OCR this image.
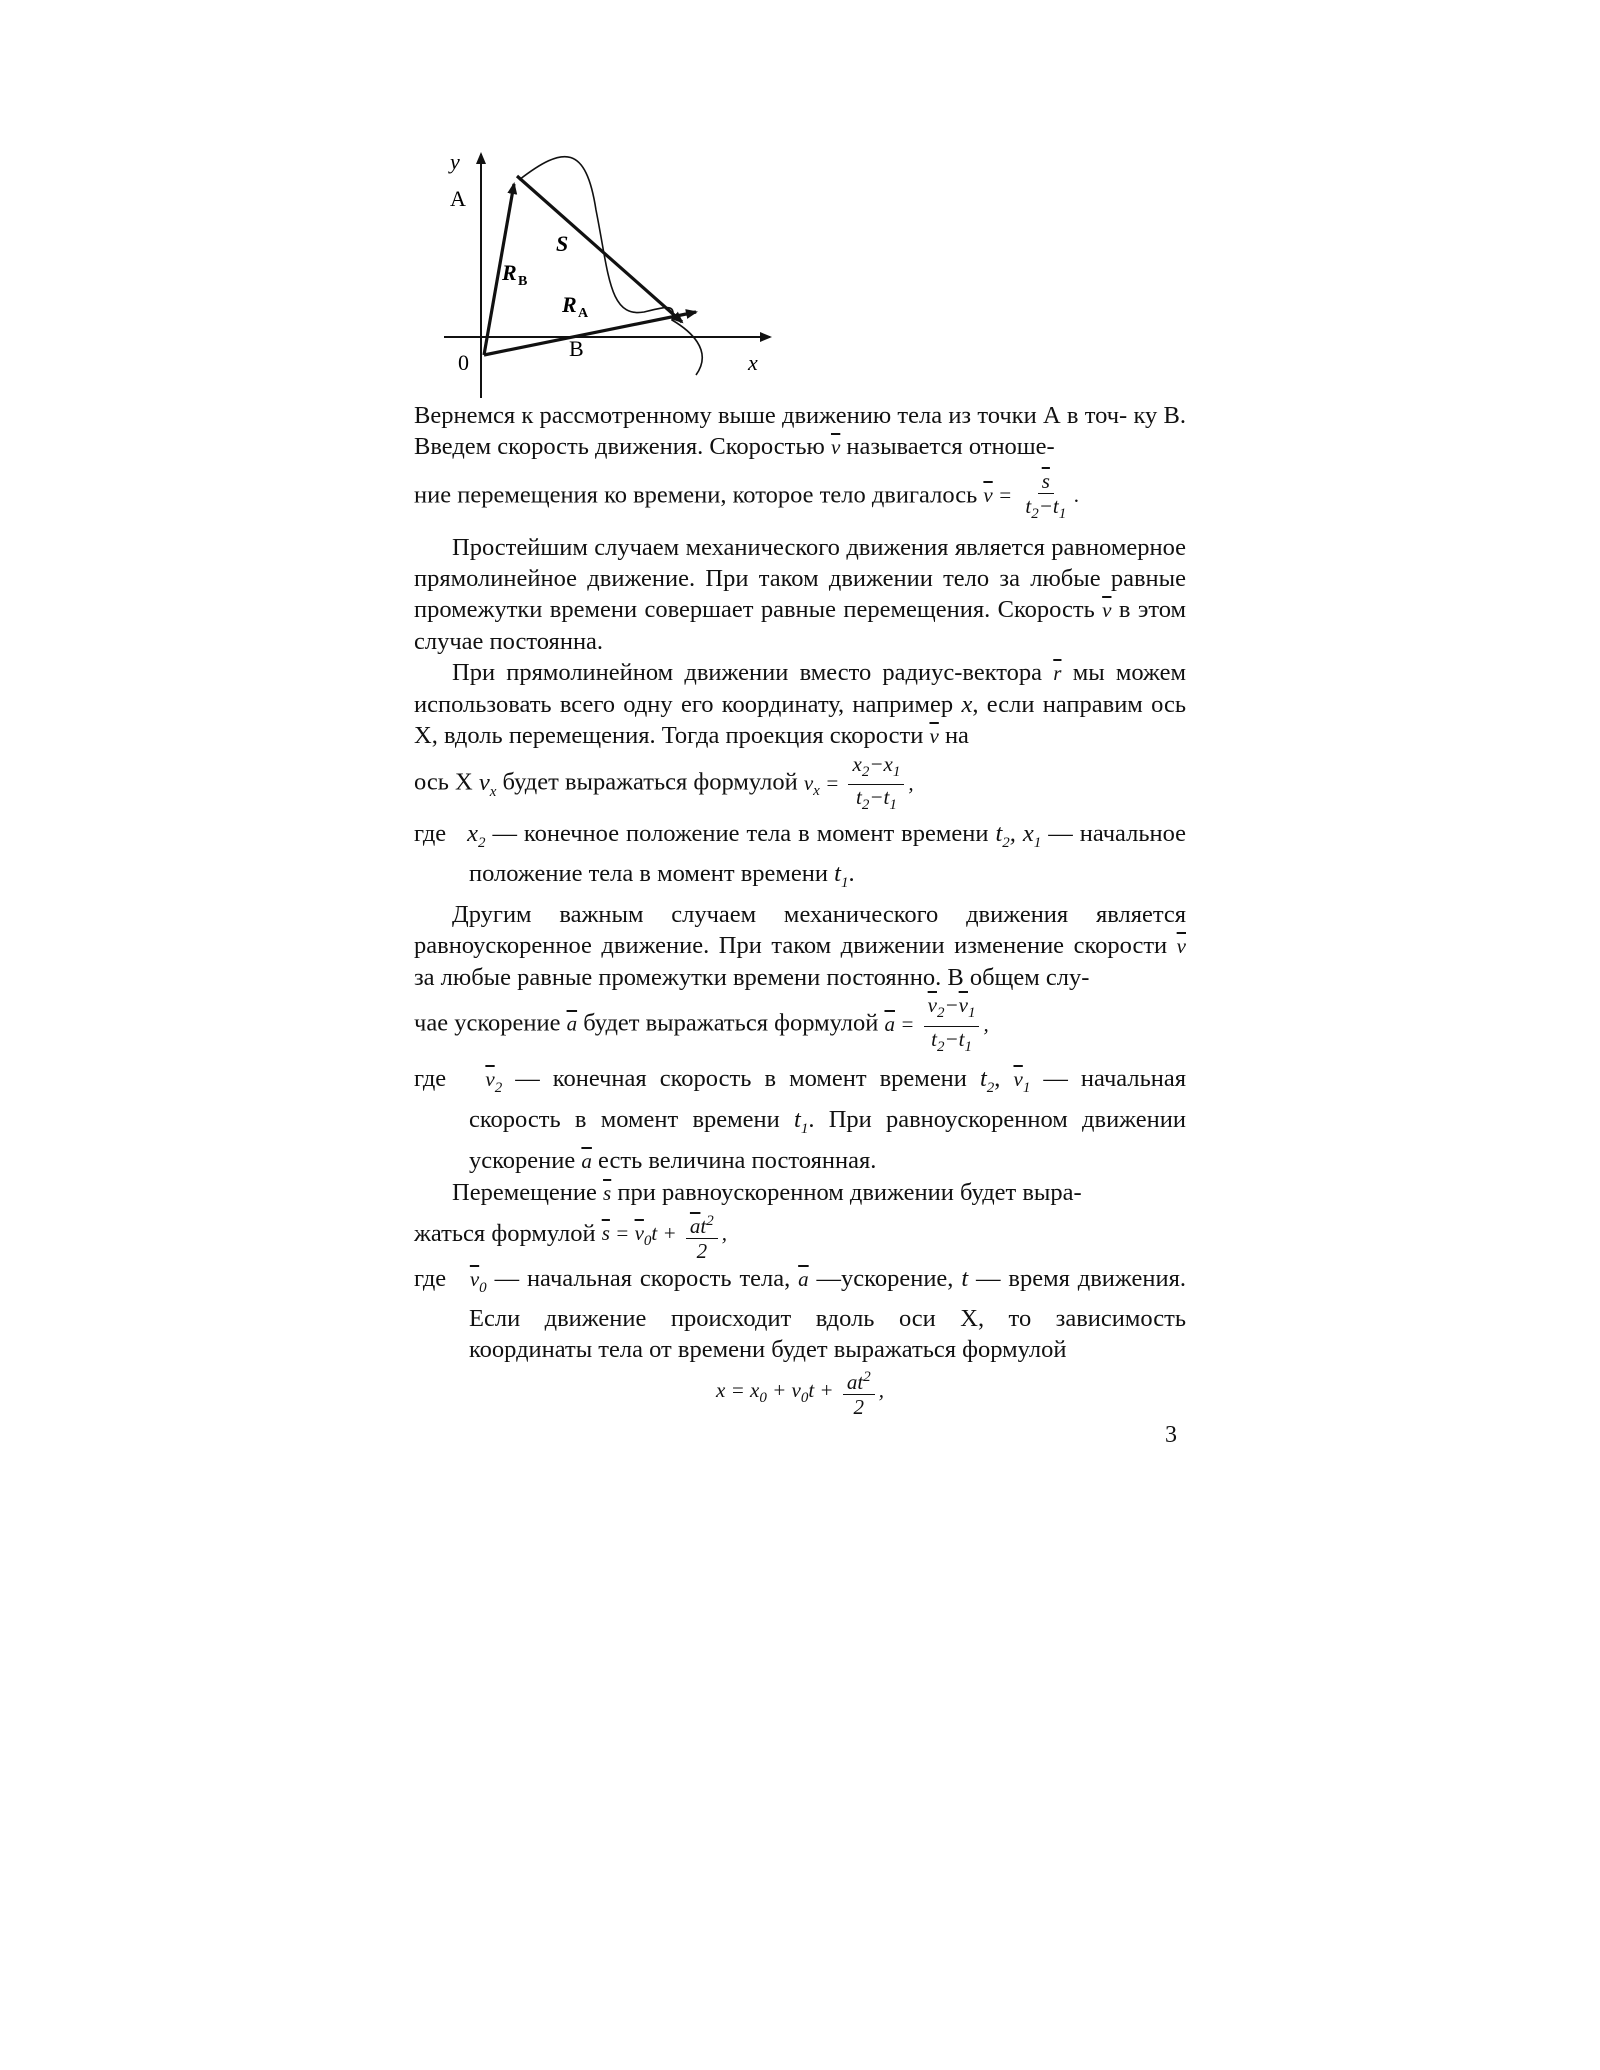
y
x
0
A
B
S
R B
R A

Вернемся к рассмотренному выше движению тела из точки А в точ- ку В. Введем скорость движения. Скоростью $\overline{v}$ называется отноше-

ние перемещения ко времени, которое тело двигалось $\overline{v} = \frac{\overline{s}}{t_2-t_1}$ .

Простейшим случаем механического движения является равномерное прямолинейное движение. При таком движении тело за любые равные промежутки времени совершает равные перемещения. Скорость $\overline{v}$ в этом случае постоянна.

При прямолинейном движении вместо радиус-вектора $\overline{r}$ мы можем использовать всего одну его координату, например x, если направим ось X, вдоль перемещения. Тогда проекция скорости $\overline{v}$ на

ось X $v_x$ будет выражаться формулой $v_x = \frac{x_2-x_1}{t_2-t_1}$ ,

где $x_2$ — конечное положение тела в момент времени $t_2$, $x_1$ — начальное положение тела в момент времени $t_1$.

Другим важным случаем механического движения является равноускоренное движение. При таком движении изменение скорости $\overline{v}$ за любые равные промежутки времени постоянно. В общем слу-

чае ускорение $\overline{a}$ будет выражаться формулой $\overline{a} = \frac{\overline{v}_2-\overline{v}_1}{t_2-t_1}$ ,

где $\overline{v}_2$ — конечная скорость в момент времени $t_2$, $\overline{v}_1$ — начальная скорость в момент времени $t_1$. При равноускоренном движении ускорение $\overline{a}$ есть величина постоянная.

Перемещение $\overline{s}$ при равноускоренном движении будет выра-

жаться формулой $\overline{s} = \overline{v}_0t + \frac{\overline{a}t^2}{2}$ ,

где $\overline{v}_0$ — начальная скорость тела, $\overline{a}$ —ускорение, t — время движения. Если движение происходит вдоль оси X, то зависимость координаты тела от времени будет выражаться формулой

$x = x_0 + v_0t + \frac{at^2}{2}$ ,

3
